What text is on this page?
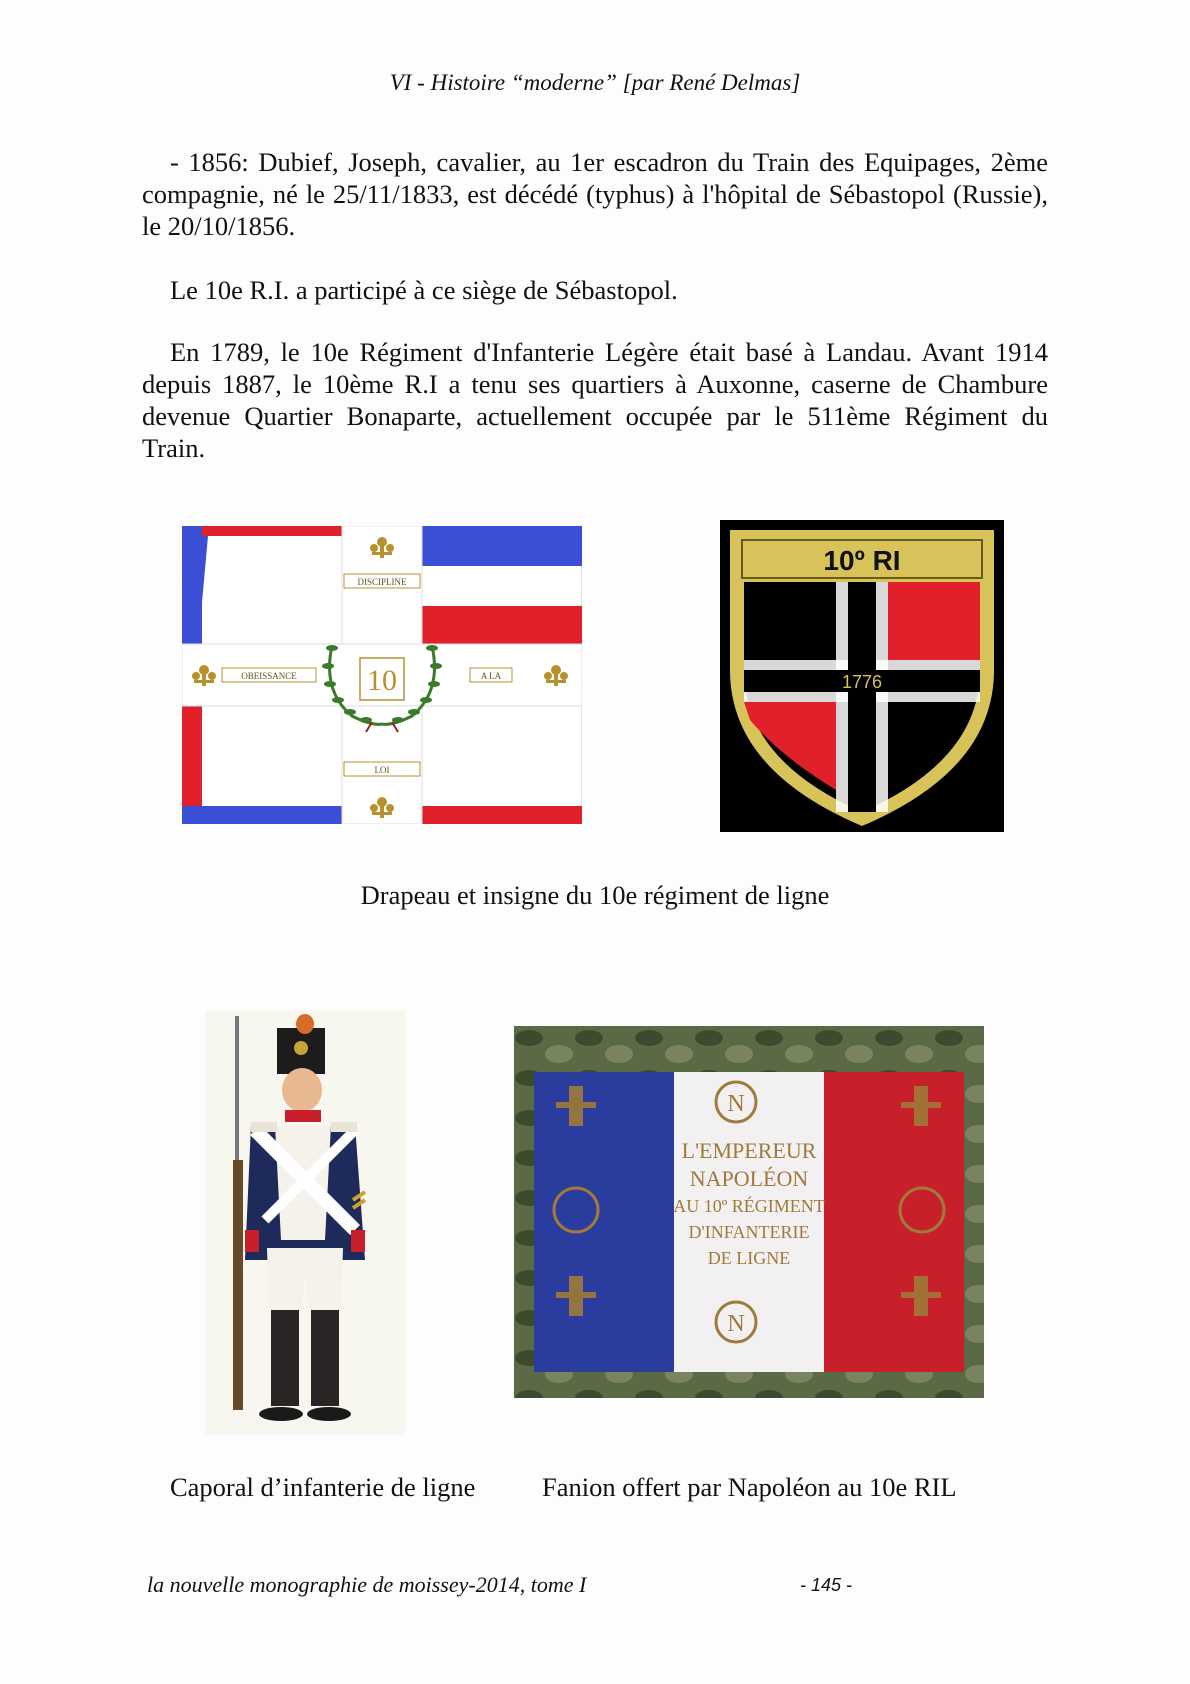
VI - Histoire “moderne” [par René Delmas]

- 1856: Dubief, Joseph, cavalier, au 1er escadron du Train des Equipages, 2ème compagnie, né le 25/11/1833, est décédé (typhus) à l'hôpital de Sébastopol (Russie), le 20/10/1856.

Le 10e R.I. a participé à ce siège de Sébastopol.

En 1789, le 10e Régiment d'Infanterie Légère était basé à Landau. Avant 1914 depuis 1887, le 10ème R.I a tenu ses quartiers à Auxonne, caserne de Chambure devenue Quartier Bonaparte, actuellement occupée par le 511ème Régiment du Train.

DISCIPLINE
OBEISSANCE	A LA
LOI
10
10º RI
1776
N
N
L'EMPEREUR
NAPOLÉON
AU 10º RÉGIMENT
D'INFANTERIE
DE LIGNE
Drapeau et insigne du 10e régiment de ligne
Caporal d’infanterie de ligne	Fanion offert par Napoléon au 10e RIL
la nouvelle monographie de moissey-2014, tome I	- 145 -
